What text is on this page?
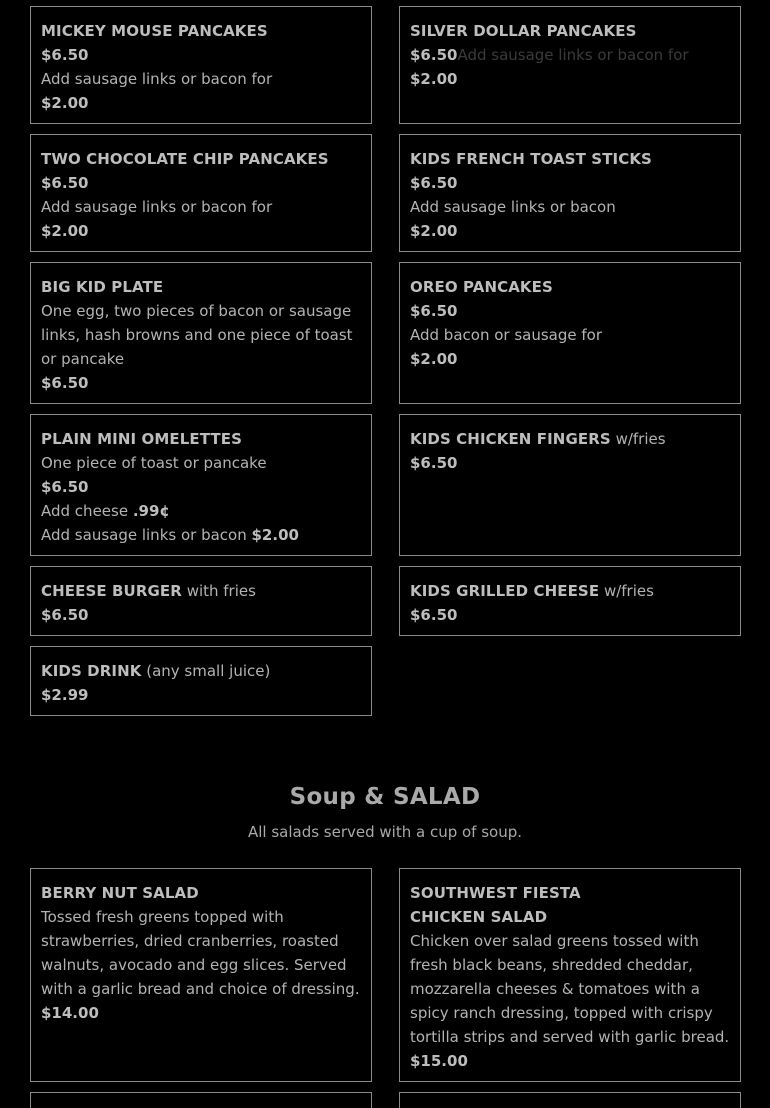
MICKEY MOUSE PANCAKES
$6.50
Add sausage links or bacon for
$2.00
SILVER DOLLAR PANCAKES
$6.50Add sausage links or bacon for
$2.00
TWO CHOCOLATE CHIP PANCAKES
$6.50
Add sausage links or bacon for
$2.00
KIDS FRENCH TOAST STICKS
$6.50
Add sausage links or bacon
$2.00
BIG KID PLATE
One egg, two pieces of bacon or sausage links, hash browns and one piece of toast or pancake
$6.50
OREO PANCAKES
$6.50
Add bacon or sausage for
$2.00
PLAIN MINI OMELETTES
One piece of toast or pancake
$6.50
Add cheese .99¢
Add sausage links or bacon $2.00
KIDS CHICKEN FINGERS w/fries
$6.50
CHEESE BURGER with fries
$6.50
KIDS GRILLED CHEESE w/fries
$6.50
KIDS DRINK (any small juice)
$2.99
Soup & SALAD
All salads served with a cup of soup.
BERRY NUT SALAD
Tossed fresh greens topped with strawberries, dried cranberries, roasted walnuts, avocado and egg slices. Served with a garlic bread and choice of dressing.
$14.00
SOUTHWEST FIESTA
CHICKEN SALAD
Chicken over salad greens tossed with fresh black beans, shredded cheddar, mozzarella cheeses & tomatoes with a spicy ranch dressing, topped with crispy tortilla strips and served with garlic bread.
$15.00
